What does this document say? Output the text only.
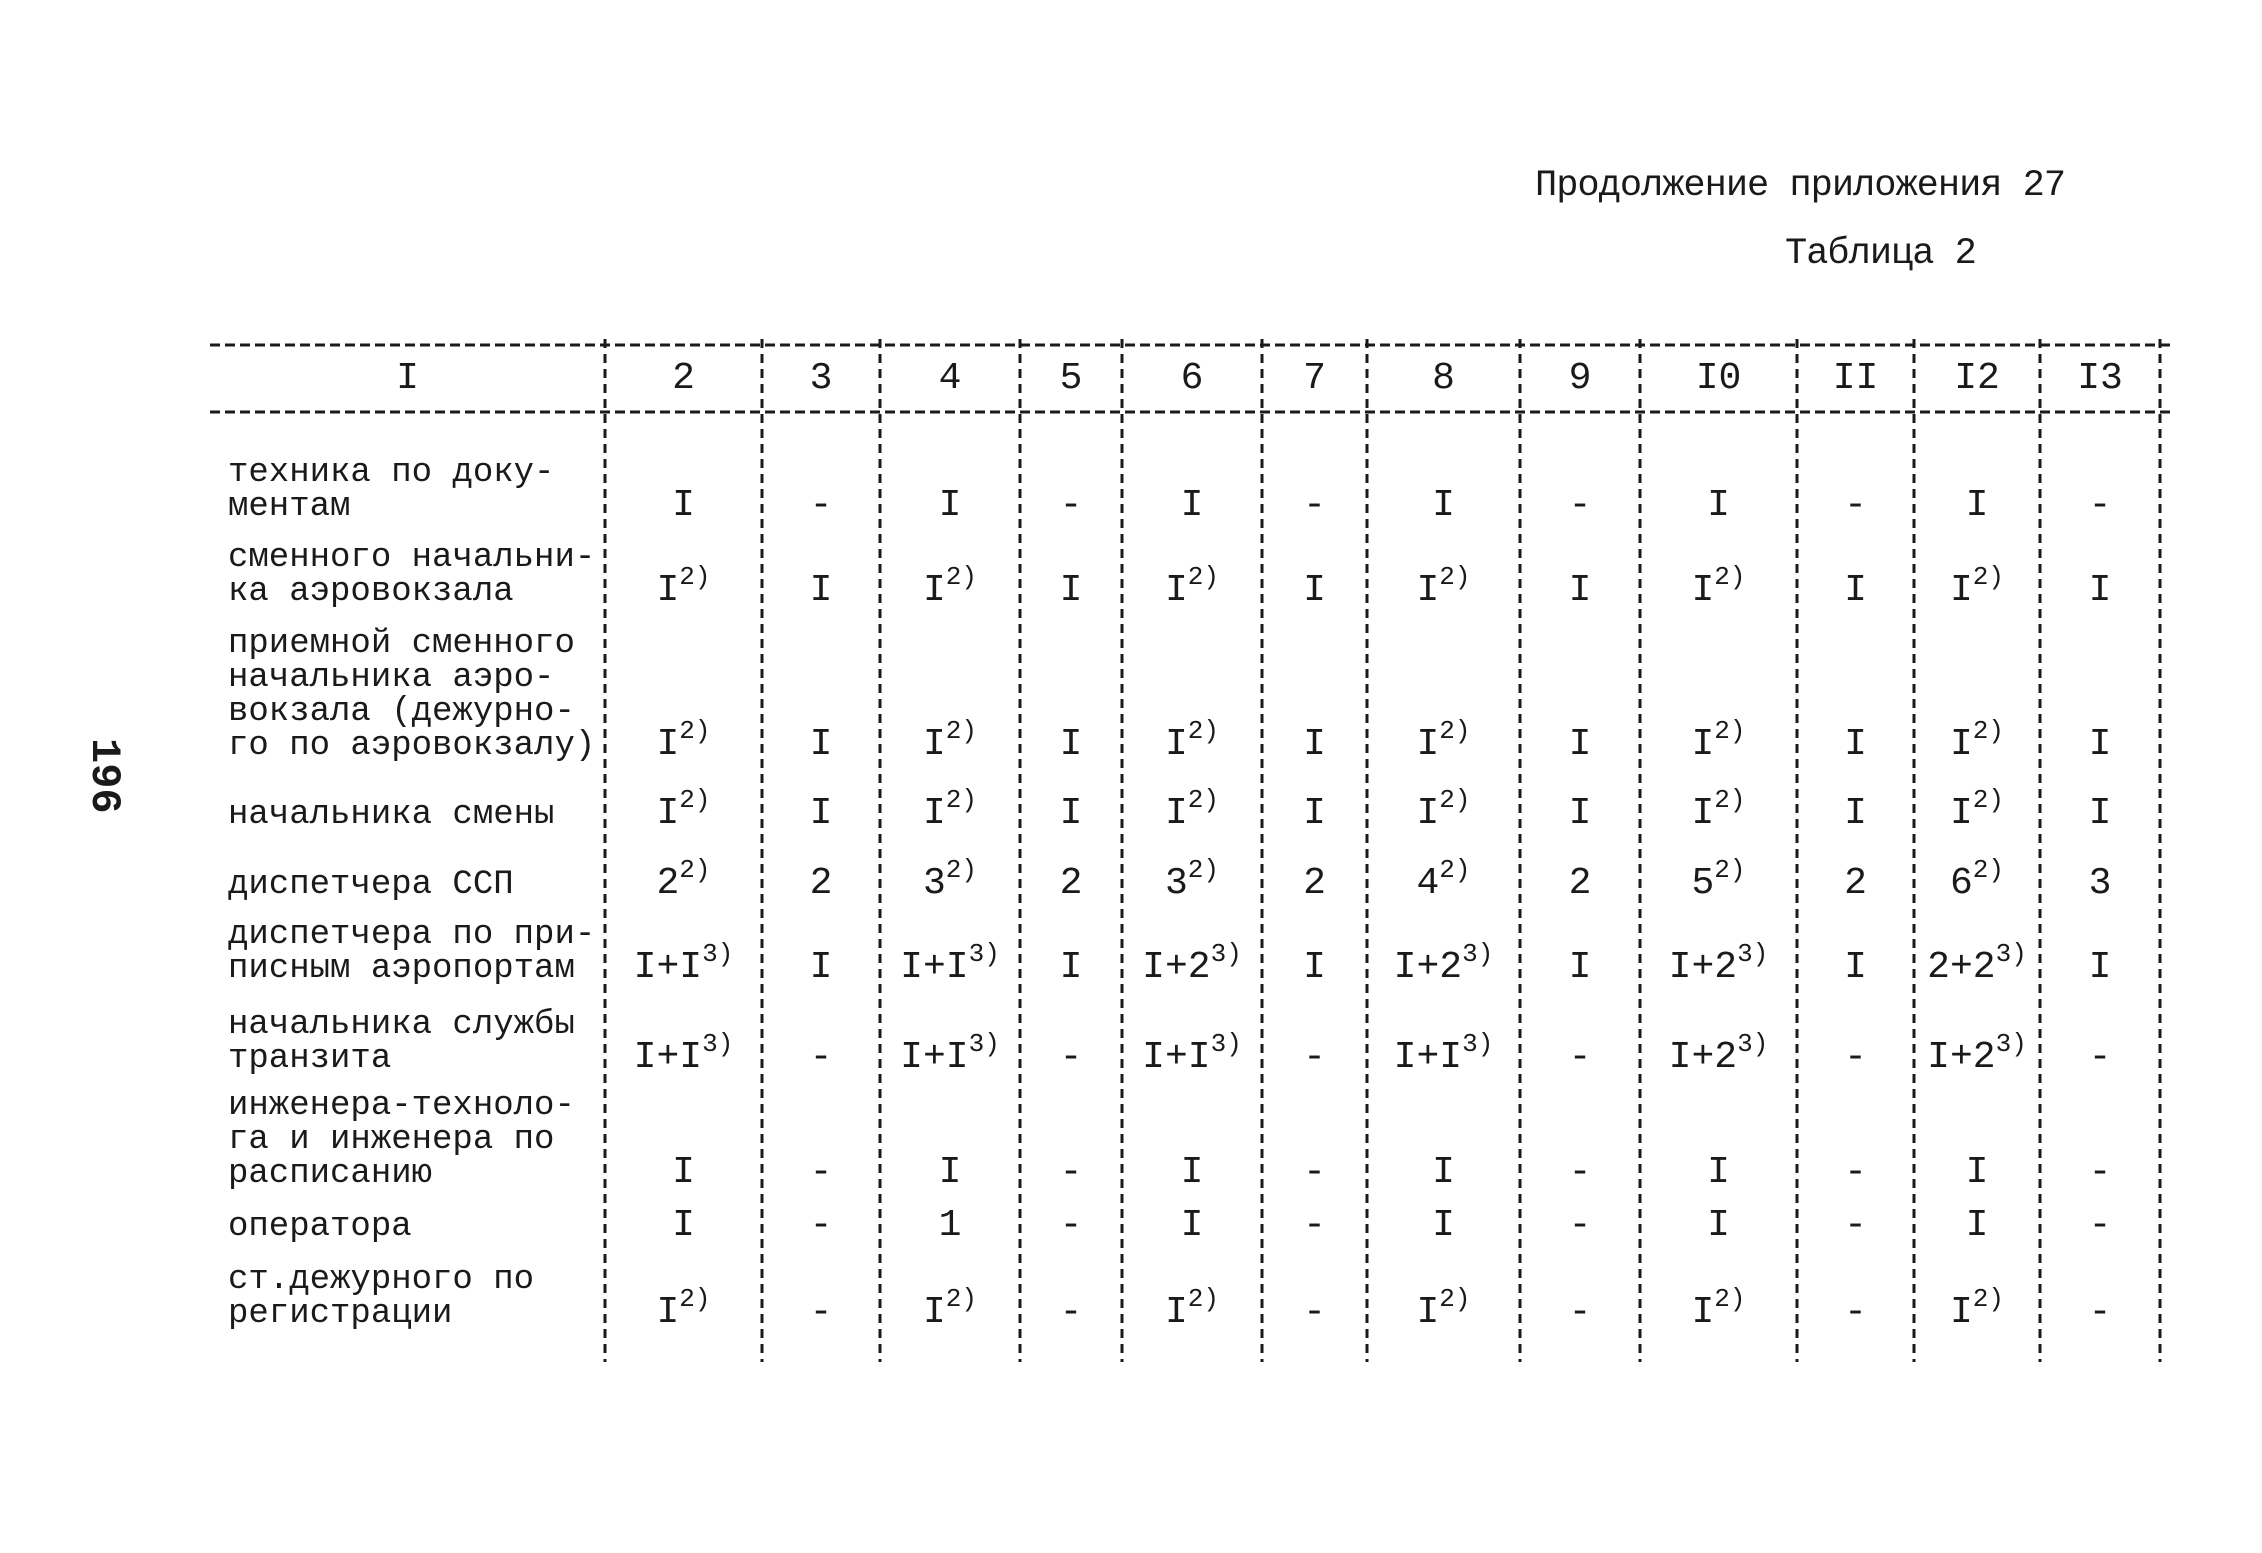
Продолжение приложения 27
Таблица 2
196
I	2	3	4	5	6	7	8	9	I0 II I2 I3
техника по доку-
ментам	I	-	I	-	I	-	I	-	I	-	I	-
сменного начальни-
ка аэровокзала	$I^{2)}$	I $I^{2)}$ I $I^{2)}$ I $I^{2)}$	I	$I^{2)}$	I $I^{2)}$ I
приемной сменного
начальника аэро-
вокзала (дежурно-
го по аэровокзалу) $I^{2)}$	I $I^{2)}$ I $I^{2)}$ I $I^{2)}$	I	$I^{2)}$	I $I^{2)}$ I
начальника смены	$I^{2)}$	I $I^{2)}$ I $I^{2)}$ I $I^{2)}$	I	$I^{2)}$	I $I^{2)}$ I
диспетчера ССП	2$^{2)}$	2 3$^{2)}$ 2 3$^{2)}$ 2 4$^{2)}$	2	5$^{2)}$	2 6$^{2)}$ 3
диспетчера по при-
писным аэропортам $I+I^{3)}$ I $I+I^{3)}$ I $I+2^{3)}$ I $I+2^{3)}$ I $I+2^{3)}$ I $2+2^{3)}$ I
начальника службы
транзита	$I+I^{3)} - I+I^{3)} - I+I^{3)} - I+I^{3)} - I+2^{3)} - I+2^{3)}$ -
инженера-техноло-
га и инженера по
расписанию	I	-	I	-	I	-	I	-	I	-	I	-
оператора	I	-	1	-	I	-	I	-	I	-	I	-
ст.дежурного по
регистрации	$I^{2)}$	- $I^{2)} - I^{2)} - I^{2)}$	-	$I^{2)}$	- $I^{2)}$ -
